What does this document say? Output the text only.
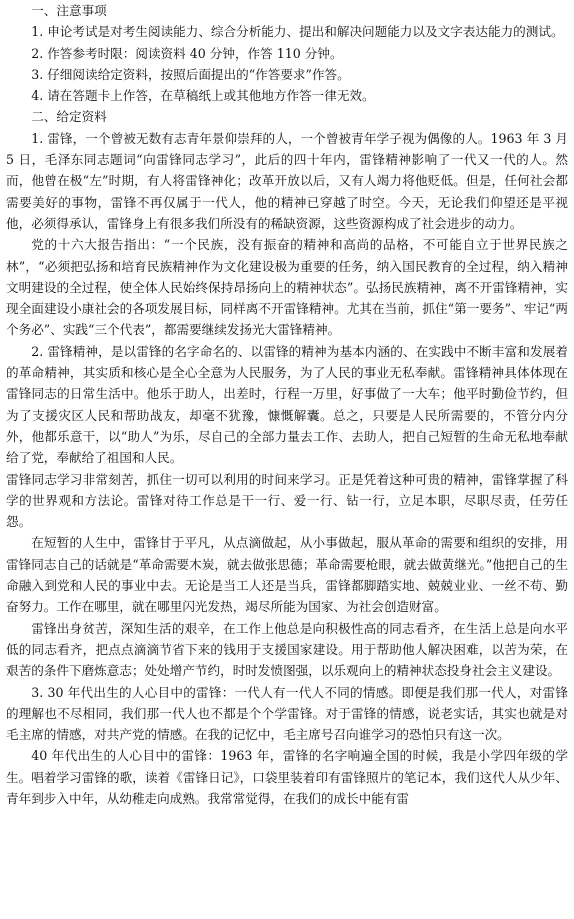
一、注意事项

1. 申论考试是对考生阅读能力、综合分析能力、提出和解决问题能力以及文字表达能力的测试。

2. 作答参考时限：阅读资料 40 分钟，作答 110 分钟。

3. 仔细阅读给定资料，按照后面提出的“作答要求”作答。

4. 请在答题卡上作答，在草稿纸上或其他地方作答一律无效。

二、给定资料

1. 雷锋，一个曾被无数有志青年景仰崇拜的人，一个曾被青年学子视为偶像的人。1963 年 3 月 5 日，毛泽东同志题词“向雷锋同志学习”，此后的四十年内，雷锋精神影响了一代又一代的人。然而，他曾在极“左”时期，有人将雷锋神化；改革开放以后，又有人竭力将他贬低。但是，任何社会都需要美好的事物，雷锋不再仅属于一代人，他的精神已穿越了时空。今天，无论我们仰望还是平视他，必须得承认，雷锋身上有很多我们所没有的稀缺资源，这些资源构成了社会进步的动力。

党的十六大报告指出：“一个民族，没有振奋的精神和高尚的品格，不可能自立于世界民族之林”，“必须把弘扬和培育民族精神作为文化建设极为重要的任务，纳入国民教育的全过程，纳入精神文明建设的全过程，使全体人民始终保持昂扬向上的精神状态”。弘扬民族精神，离不开雷锋精神，实现全面建设小康社会的各项发展目标，同样离不开雷锋精神。尤其在当前，抓住“第一要务”、牢记“两个务必”、实践“三个代表”，都需要继续发扬光大雷锋精神。

2. 雷锋精神，是以雷锋的名字命名的、以雷锋的精神为基本内涵的、在实践中不断丰富和发展着的革命精神，其实质和核心是全心全意为人民服务，为了人民的事业无私奉献。雷锋精神具体体现在雷锋同志的日常生活中。他乐于助人，出差时，行程一万里，好事做了一大车；他平时勤俭节约，但为了支援灾区人民和帮助战友，却毫不犹豫，慷慨解囊。总之，只要是人民所需要的，不管分内分外，他都乐意干，以“助人”为乐，尽自己的全部力量去工作、去助人，把自己短暂的生命无私地奉献给了党，奉献给了祖国和人民。

雷锋同志学习非常刻苦，抓住一切可以利用的时间来学习。正是凭着这种可贵的精神，雷锋掌握了科学的世界观和方法论。雷锋对待工作总是干一行、爱一行、钻一行，立足本职，尽职尽责，任劳任怨。

在短暂的人生中，雷锋甘于平凡，从点滴做起，从小事做起，服从革命的需要和组织的安排，用雷锋同志自己的话就是“革命需要木炭，就去做张思德；革命需要枪眼，就去做黄继光。”他把自己的生命融入到党和人民的事业中去。无论是当工人还是当兵，雷锋都脚踏实地、兢兢业业、一丝不苟、勤奋努力。工作在哪里，就在哪里闪光发热，竭尽所能为国家、为社会创造财富。

雷锋出身贫苦，深知生活的艰辛，在工作上他总是向积极性高的同志看齐，在生活上总是向水平低的同志看齐，把点点滴滴节省下来的钱用于支援国家建设。用于帮助他人解决困难，以苦为荣，在艰苦的条件下磨炼意志；处处增产节约，时时发愤图强，以乐观向上的精神状态投身社会主义建设。

3. 30 年代出生的人心目中的雷锋：一代人有一代人不同的情感。即便是我们那一代人，对雷锋的理解也不尽相同，我们那一代人也不都是个个学雷锋。对于雷锋的情感，说老实话，其实也就是对毛主席的情感，对共产党的情感。在我的记忆中，毛主席号召向谁学习的恐怕只有这一次。

40 年代出生的人心目中的雷锋：1963 年，雷锋的名字响遍全国的时候，我是小学四年级的学生。唱着学习雷锋的歌，读着《雷锋日记》，口袋里装着印有雷锋照片的笔记本，我们这代人从少年、青年到步入中年，从幼稚走向成熟。我常常觉得，在我们的成长中能有雷
